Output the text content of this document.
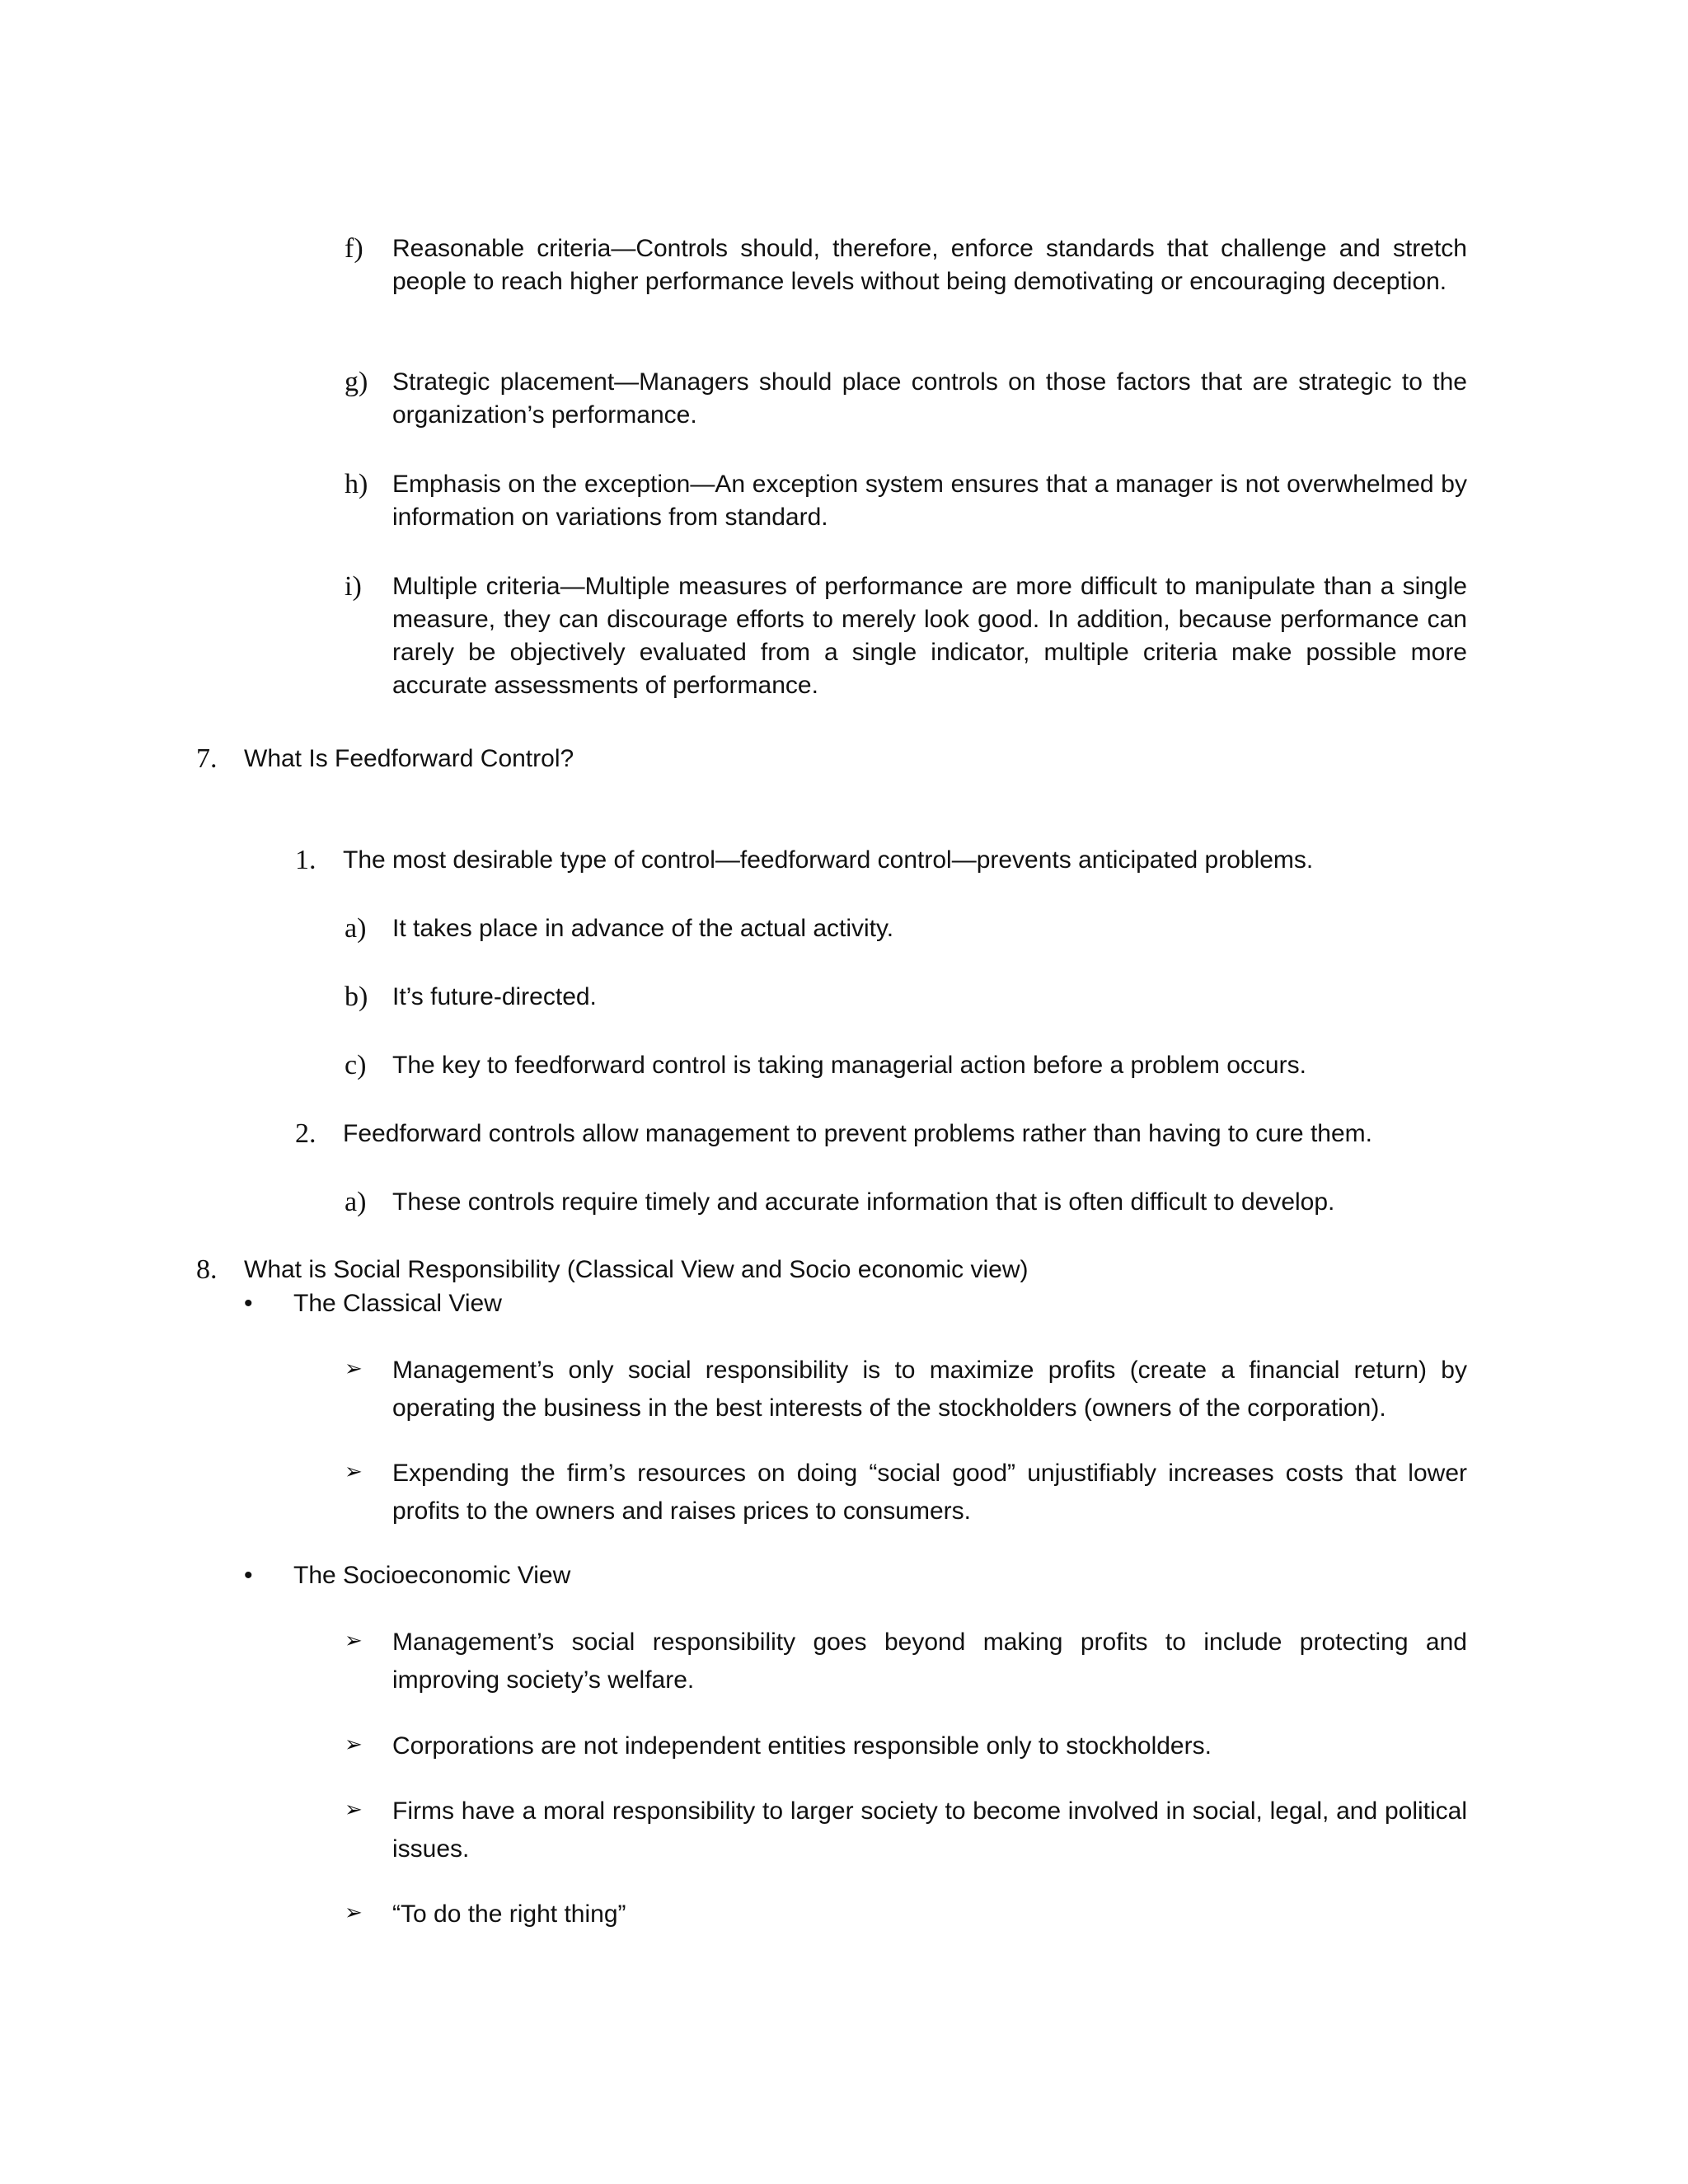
f)	Reasonable criteria—Controls should, therefore, enforce standards that challenge and stretch people to reach higher performance levels without being demotivating or encouraging deception.
g) Strategic placement—Managers should place controls on those factors that are strategic to the organization’s performance.
h) Emphasis on the exception—An exception system ensures that a manager is not overwhelmed by information on variations from standard.
i)	Multiple criteria—Multiple measures of performance are more difficult to manipulate than a single measure, they can discourage efforts to merely look good. In addition, because performance can rarely be objectively evaluated from a single indicator, multiple criteria make possible more accurate assessments of performance.
7.	What Is Feedforward Control?
1.	The most desirable type of control—feedforward control—prevents anticipated problems.
a)	It takes place in advance of the actual activity.
b) It’s future-directed.
c)	The key to feedforward control is taking managerial action before a problem occurs.
2.	Feedforward controls allow management to prevent problems rather than having to cure them.
a)	These controls require timely and accurate information that is often difficult to develop.
8.	What is Social Responsibility (Classical View and Socio economic view)
•	The Classical View
➢	Management’s only social responsibility is to maximize profits (create a financial return) by operating the business in the best interests of the stockholders (owners of the corporation).
➢	Expending the firm’s resources on doing “social good” unjustifiably increases costs that lower profits to the owners and raises prices to consumers.
•	The Socioeconomic View
➢	Management’s social responsibility goes beyond making profits to include protecting and improving society’s welfare.
➢	Corporations are not independent entities responsible only to stockholders.
➢	Firms have a moral responsibility to larger society to become involved in social, legal, and political issues.
➢	“To do the right thing”
